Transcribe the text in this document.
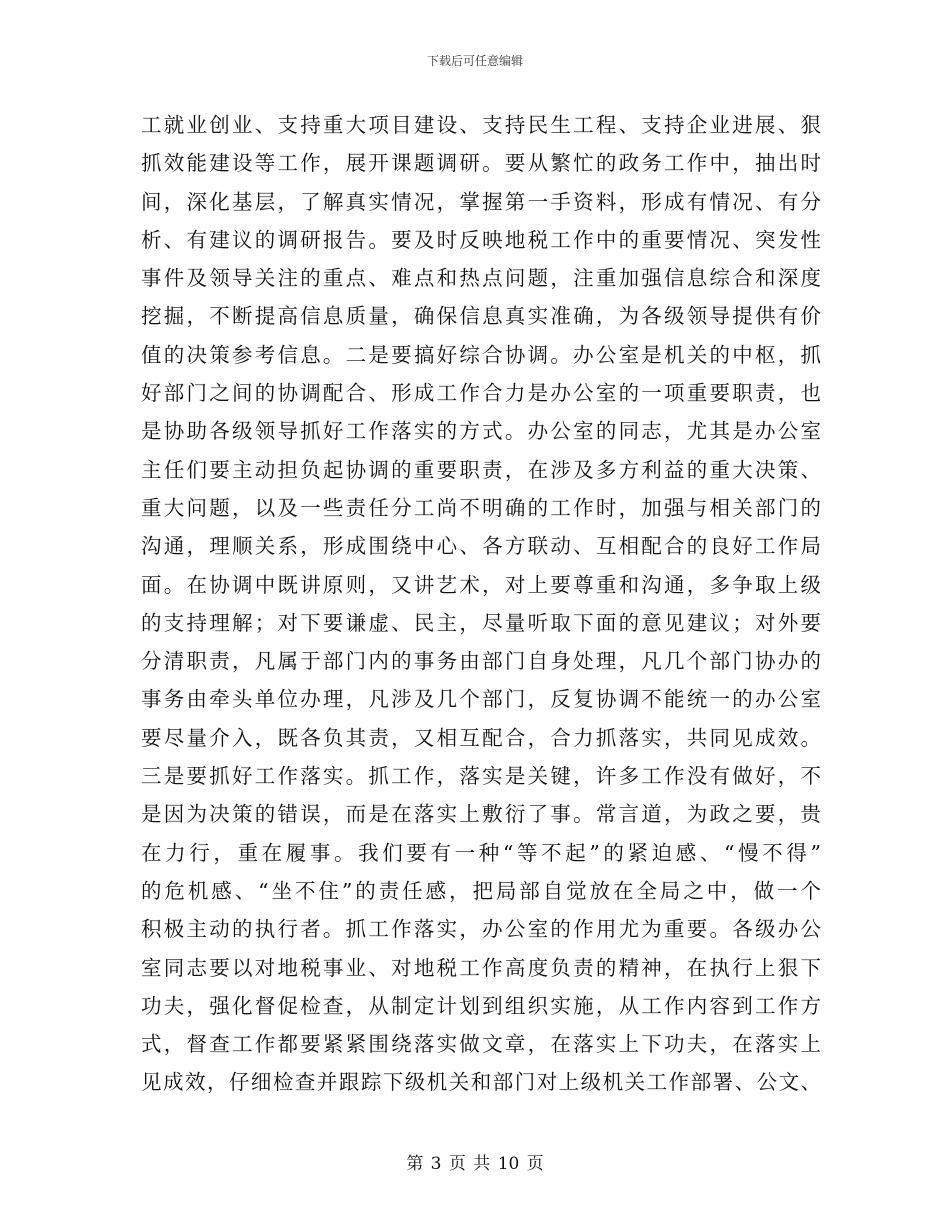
下载后可任意编辑
工就业创业、支持重大项目建设、支持民生工程、支持企业进展、狠
抓效能建设等工作，展开课题调研。要从繁忙的政务工作中，抽出时
间，深化基层，了解真实情况，掌握第一手资料，形成有情况、有分
析、有建议的调研报告。要及时反映地税工作中的重要情况、突发性
事件及领导关注的重点、难点和热点问题，注重加强信息综合和深度
挖掘，不断提高信息质量，确保信息真实准确，为各级领导提供有价
值的决策参考信息。二是要搞好综合协调。办公室是机关的中枢，抓
好部门之间的协调配合、形成工作合力是办公室的一项重要职责，也
是协助各级领导抓好工作落实的方式。办公室的同志，尤其是办公室
主任们要主动担负起协调的重要职责，在涉及多方利益的重大决策、
重大问题，以及一些责任分工尚不明确的工作时，加强与相关部门的
沟通，理顺关系，形成围绕中心、各方联动、互相配合的良好工作局
面。在协调中既讲原则，又讲艺术，对上要尊重和沟通，多争取上级
的支持理解；对下要谦虚、民主，尽量听取下面的意见建议；对外要
分清职责，凡属于部门内的事务由部门自身处理，凡几个部门协办的
事务由牵头单位办理，凡涉及几个部门，反复协调不能统一的办公室
要尽量介入，既各负其责，又相互配合，合力抓落实，共同见成效。
三是要抓好工作落实。抓工作，落实是关键，许多工作没有做好，不
是因为决策的错误，而是在落实上敷衍了事。常言道，为政之要，贵
在力行，重在履事。我们要有一种“等不起”的紧迫感、“慢不得”
的危机感、“坐不住”的责任感，把局部自觉放在全局之中，做一个
积极主动的执行者。抓工作落实，办公室的作用尤为重要。各级办公
室同志要以对地税事业、对地税工作高度负责的精神，在执行上狠下
功夫，强化督促检查，从制定计划到组织实施，从工作内容到工作方
式，督查工作都要紧紧围绕落实做文章，在落实上下功夫，在落实上
见成效，仔细检查并跟踪下级机关和部门对上级机关工作部署、公文、
第 3 页 共 10 页
